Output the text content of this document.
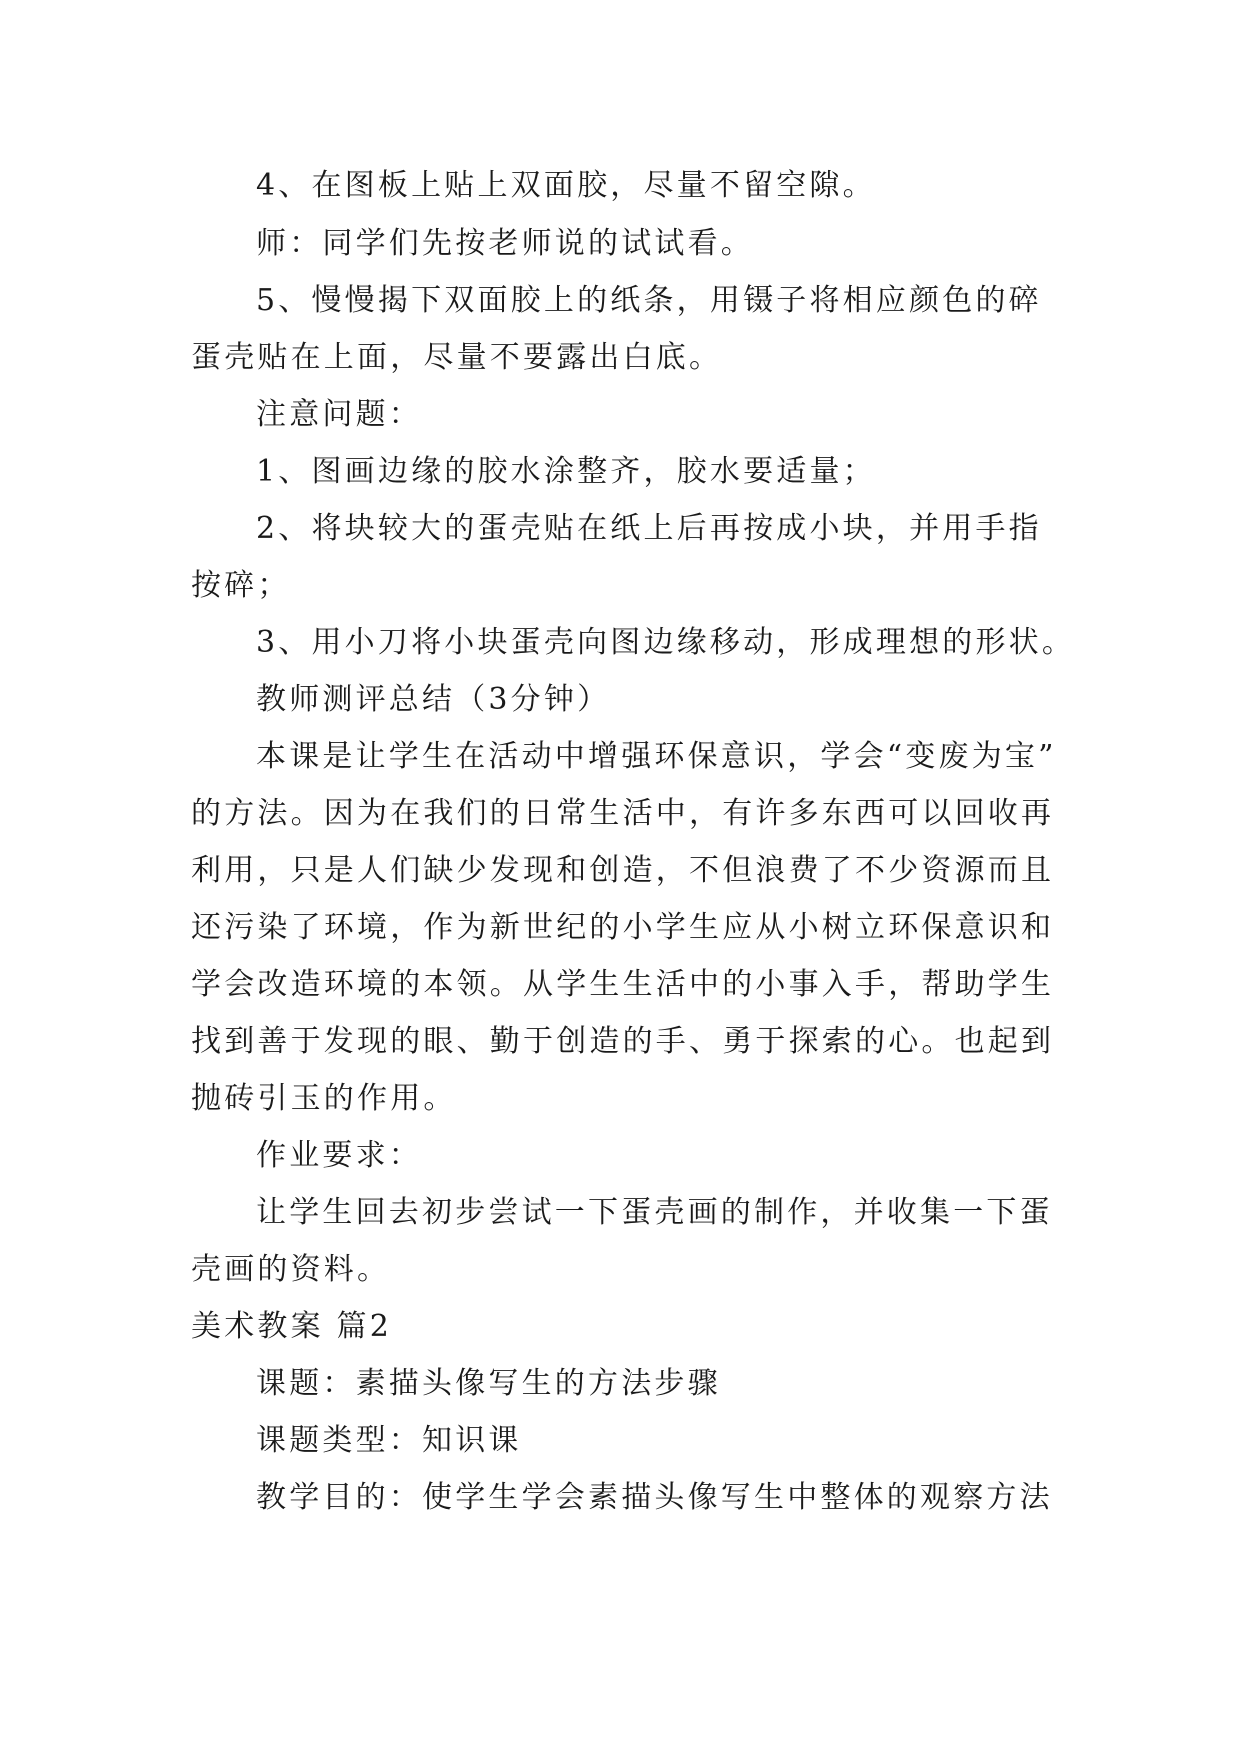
4、在图板上贴上双面胶，尽量不留空隙。
师：同学们先按老师说的试试看。
5、慢慢揭下双面胶上的纸条，用镊子将相应颜色的碎
蛋壳贴在上面，尽量不要露出白底。
注意问题：
1、图画边缘的胶水涂整齐，胶水要适量；
2、将块较大的蛋壳贴在纸上后再按成小块，并用手指
按碎；
3、用小刀将小块蛋壳向图边缘移动，形成理想的形状。
教师测评总结（3分钟）
本课是让学生在活动中增强环保意识，学会“变废为宝”
的方法。因为在我们的日常生活中，有许多东西可以回收再
利用，只是人们缺少发现和创造，不但浪费了不少资源而且
还污染了环境，作为新世纪的小学生应从小树立环保意识和
学会改造环境的本领。从学生生活中的小事入手，帮助学生
找到善于发现的眼、勤于创造的手、勇于探索的心。也起到
抛砖引玉的作用。
作业要求：
让学生回去初步尝试一下蛋壳画的制作，并收集一下蛋
壳画的资料。
美术教案 篇2
课题：素描头像写生的方法步骤
课题类型：知识课
教学目的：使学生学会素描头像写生中整体的观察方法
